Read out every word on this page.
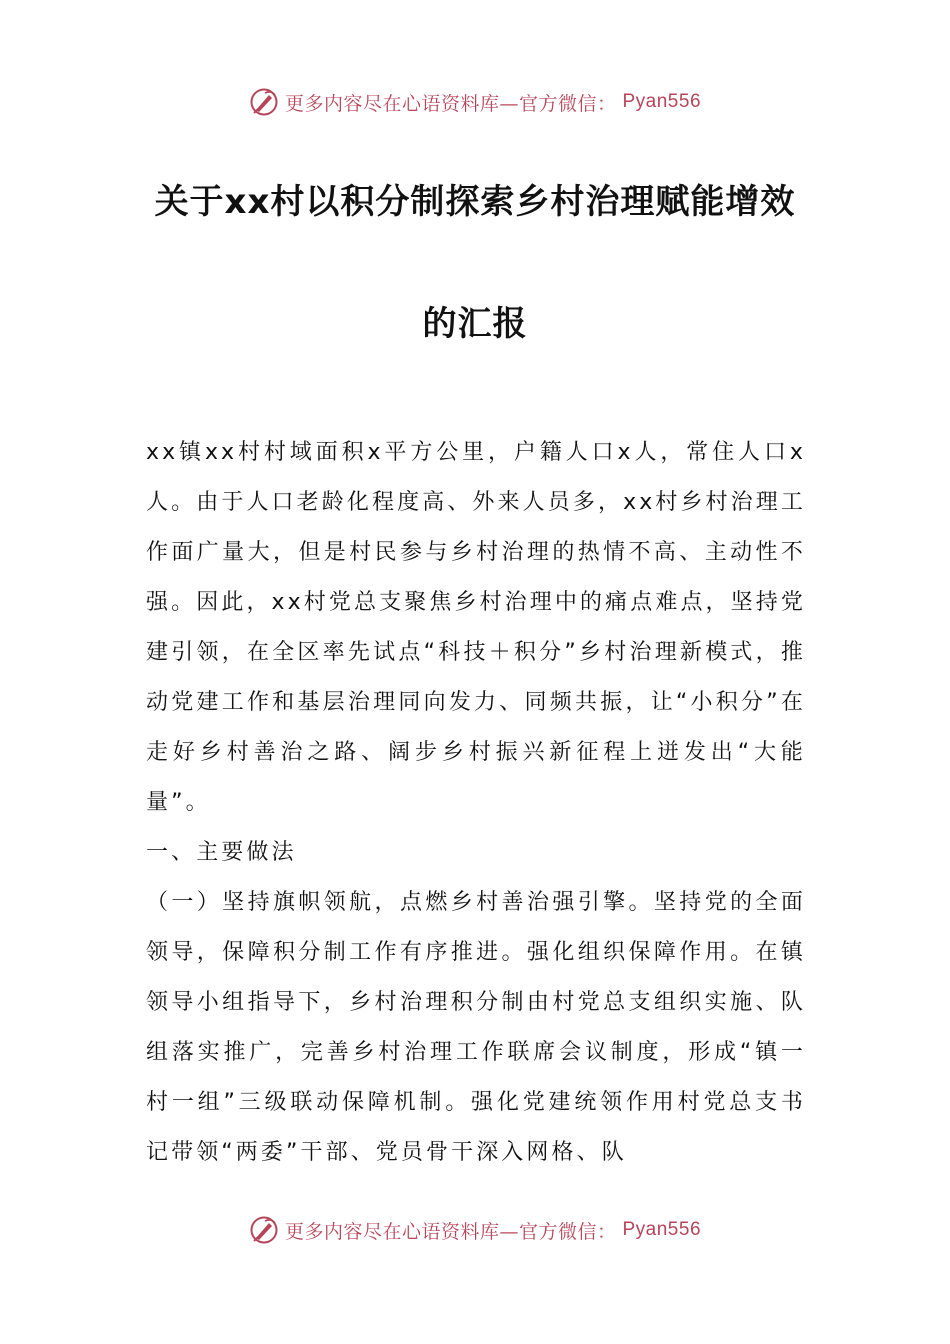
更多内容尽在心语资料库—官方微信： Pyan556
关于xx村以积分制探索乡村治理赋能增效
的汇报

xx镇xx村村域面积x平方公里，户籍人口x人，常住人口x人。由于人口老龄化程度高、外来人员多，xx村乡村治理工作面广量大，但是村民参与乡村治理的热情不高、主动性不强。因此，xx村党总支聚焦乡村治理中的痛点难点，坚持党建引领，在全区率先试点“科技＋积分”乡村治理新模式，推动党建工作和基层治理同向发力、同频共振，让“小积分”在走好乡村善治之路、阔步乡村振兴新征程上迸发出“大能量”。

一、主要做法

（一）坚持旗帜领航，点燃乡村善治强引擎。坚持党的全面领导，保障积分制工作有序推进。强化组织保障作用。在镇领导小组指导下，乡村治理积分制由村党总支组织实施、队组落实推广，完善乡村治理工作联席会议制度，形成“镇一村一组”三级联动保障机制。强化党建统领作用村党总支书记带领“两委”干部、党员骨干深入网格、队

更多内容尽在心语资料库—官方微信： Pyan556
